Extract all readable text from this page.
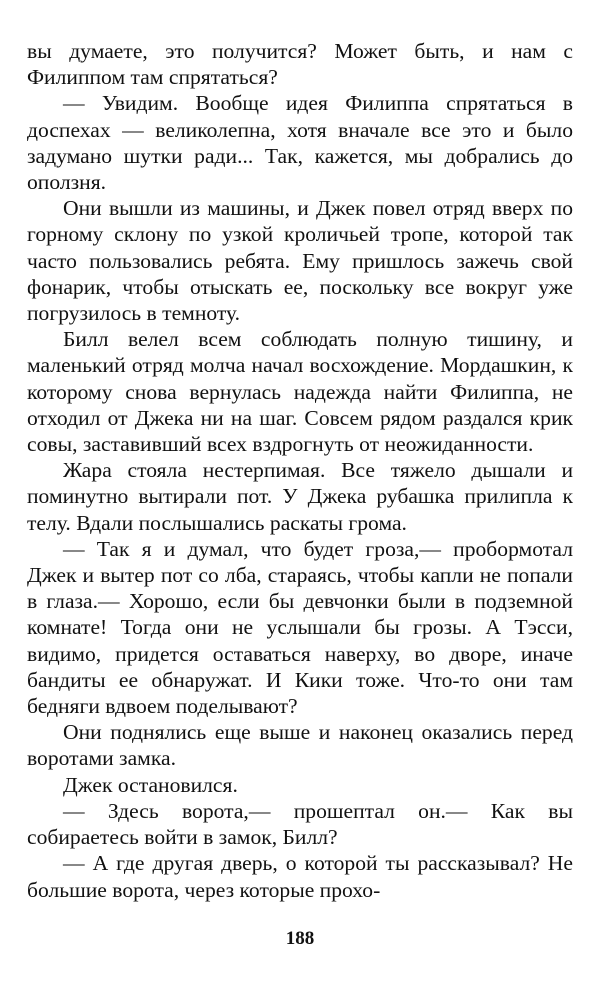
вы думаете, это получится? Может быть, и нам с Филиппом там спрятаться?

— Увидим. Вообще идея Филиппа спрятаться в доспехах — великолепна, хотя вначале все это и было задумано шутки ради... Так, кажется, мы добрались до оползня.

Они вышли из машины, и Джек повел отряд вверх по горному склону по узкой кроличьей тропе, которой так часто пользовались ребята. Ему пришлось зажечь свой фонарик, чтобы отыскать ее, поскольку все вокруг уже погрузилось в темноту.

Билл велел всем соблюдать полную тишину, и маленький отряд молча начал восхождение. Мордашкин, к которому снова вернулась надежда найти Филиппа, не отходил от Джека ни на шаг. Совсем рядом раздался крик совы, заставивший всех вздрогнуть от неожиданности.

Жара стояла нестерпимая. Все тяжело дышали и поминутно вытирали пот. У Джека рубашка прилипла к телу. Вдали послышались раскаты грома.

— Так я и думал, что будет гроза,— пробормотал Джек и вытер пот со лба, стараясь, чтобы капли не попали в глаза.— Хорошо, если бы девчонки были в подземной комнате! Тогда они не услышали бы грозы. А Тэсси, видимо, придется оставаться наверху, во дворе, иначе бандиты ее обнаружат. И Кики тоже. Что-то они там бедняги вдвоем поделывают?

Они поднялись еще выше и наконец оказались перед воротами замка.

Джек остановился.

— Здесь ворота,— прошептал он.— Как вы собираетесь войти в замок, Билл?

— А где другая дверь, о которой ты рассказывал? Не большие ворота, через которые прохо-

188
